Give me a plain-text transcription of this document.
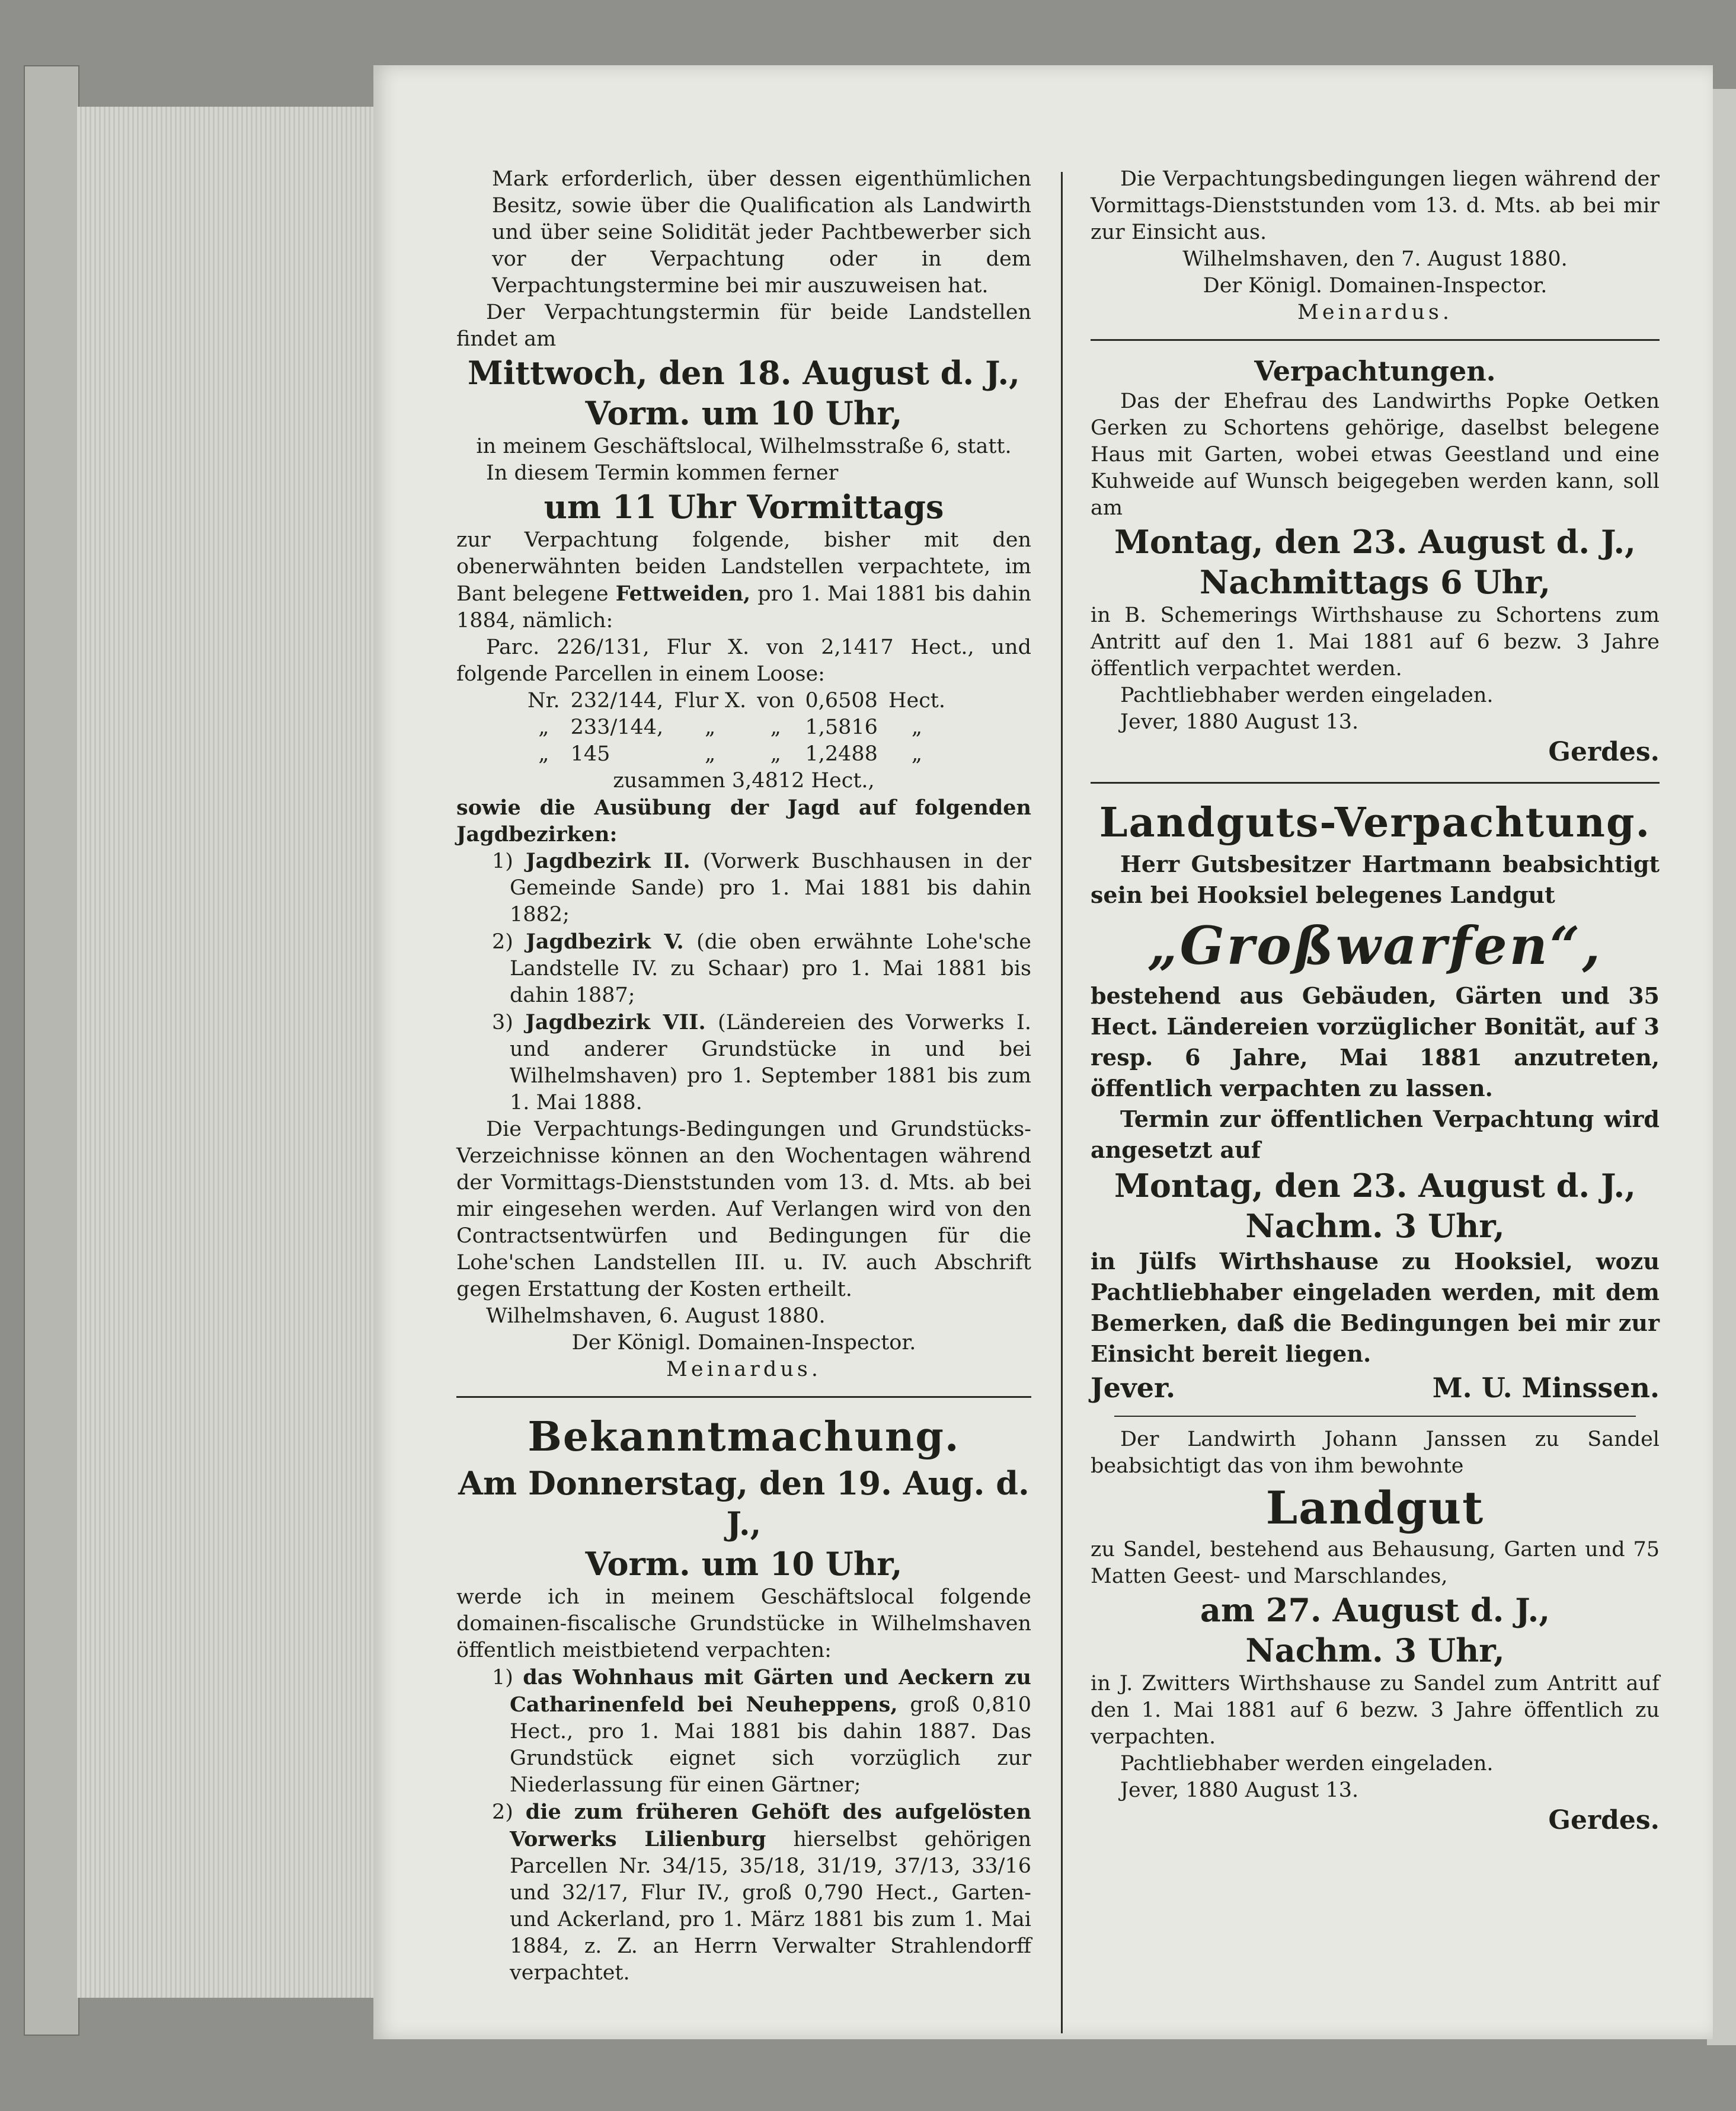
Mark erforderlich, über dessen eigenthümlichen Besitz, sowie über die Qualification als Landwirth und über seine Solidität jeder Pachtbewerber sich vor der Verpachtung oder in dem Verpachtungstermine bei mir auszuweisen hat.

Der Verpachtungstermin für beide Landstellen findet am

Mittwoch, den 18. August d. J.,

Vorm. um 10 Uhr,

in meinem Geschäftslocal, Wilhelmsstraße 6, statt.

In diesem Termin kommen ferner

um 11 Uhr Vormittags

zur Verpachtung folgende, bisher mit den obenerwähnten beiden Landstellen verpachtete, im Bant belegene Fettweiden, pro 1. Mai 1881 bis dahin 1884, nämlich:

Parc. 226/131, Flur X. von 2,1417 Hect., und folgende Parcellen in einem Loose:

Nr.	232/144,	Flur X.	von	0,6508	Hect.
„	233/144,	„	„	1,5816	„
„	145	„	„	1,2488	„

zusammen 3,4812 Hect.,

sowie die Ausübung der Jagd auf folgenden Jagdbezirken:

1) Jagdbezirk II. (Vorwerk Buschhausen in der Gemeinde Sande) pro 1. Mai 1881 bis dahin 1882;

2) Jagdbezirk V. (die oben erwähnte Lohe'sche Landstelle IV. zu Schaar) pro 1. Mai 1881 bis dahin 1887;

3) Jagdbezirk VII. (Ländereien des Vorwerks I. und anderer Grundstücke in und bei Wilhelmshaven) pro 1. September 1881 bis zum 1. Mai 1888.

Die Verpachtungs-Bedingungen und Grundstücks-Verzeichnisse können an den Wochentagen während der Vormittags-Dienststunden vom 13. d. Mts. ab bei mir eingesehen werden. Auf Verlangen wird von den Contractsentwürfen und Bedingungen für die Lohe'schen Landstellen III. u. IV. auch Abschrift gegen Erstattung der Kosten ertheilt.

Wilhelmshaven, 6. August 1880.

Der Königl. Domainen-Inspector.

Meinardus.

Bekanntmachung.

Am Donnerstag, den 19. Aug. d. J.,

Vorm. um 10 Uhr,

werde ich in meinem Geschäftslocal folgende domainen-fiscalische Grundstücke in Wilhelmshaven öffentlich meistbietend verpachten:

1) das Wohnhaus mit Gärten und Aeckern zu Catharinenfeld bei Neuheppens, groß 0,810 Hect., pro 1. Mai 1881 bis dahin 1887. Das Grundstück eignet sich vorzüglich zur Niederlassung für einen Gärtner;

2) die zum früheren Gehöft des aufgelösten Vorwerks Lilienburg hierselbst gehörigen Parcellen Nr. 34/15, 35/18, 31/19, 37/13, 33/16 und 32/17, Flur IV., groß 0,790 Hect., Garten- und Ackerland, pro 1. März 1881 bis zum 1. Mai 1884, z. Z. an Herrn Verwalter Strahlendorff verpachtet.

Die Verpachtungsbedingungen liegen während der Vormittags-Dienststunden vom 13. d. Mts. ab bei mir zur Einsicht aus.

Wilhelmshaven, den 7. August 1880.

Der Königl. Domainen-Inspector.

Meinardus.

Verpachtungen.

Das der Ehefrau des Landwirths Popke Oetken Gerken zu Schortens gehörige, daselbst belegene Haus mit Garten, wobei etwas Geestland und eine Kuhweide auf Wunsch beigegeben werden kann, soll am

Montag, den 23. August d. J.,

Nachmittags 6 Uhr,

in B. Schemerings Wirthshause zu Schortens zum Antritt auf den 1. Mai 1881 auf 6 bezw. 3 Jahre öffentlich verpachtet werden.

Pachtliebhaber werden eingeladen.

Jever, 1880 August 13.

Gerdes.

Landguts-Verpachtung.

Herr Gutsbesitzer Hartmann beabsichtigt sein bei Hooksiel belegenes Landgut

„Großwarfen“,

bestehend aus Gebäuden, Gärten und 35 Hect. Ländereien vorzüglicher Bonität, auf 3 resp. 6 Jahre, Mai 1881 anzutreten, öffentlich verpachten zu lassen.

Termin zur öffentlichen Verpachtung wird angesetzt auf

Montag, den 23. August d. J.,

Nachm. 3 Uhr,

in Jülfs Wirthshause zu Hooksiel, wozu Pachtliebhaber eingeladen werden, mit dem Bemerken, daß die Bedingungen bei mir zur Einsicht bereit liegen.

Jever.	M. U. Minssen.

Der Landwirth Johann Janssen zu Sandel beabsichtigt das von ihm bewohnte

Landgut

zu Sandel, bestehend aus Behausung, Garten und 75 Matten Geest- und Marschlandes,

am 27. August d. J.,

Nachm. 3 Uhr,

in J. Zwitters Wirthshause zu Sandel zum Antritt auf den 1. Mai 1881 auf 6 bezw. 3 Jahre öffentlich zu verpachten.

Pachtliebhaber werden eingeladen.

Jever, 1880 August 13.

Gerdes.
